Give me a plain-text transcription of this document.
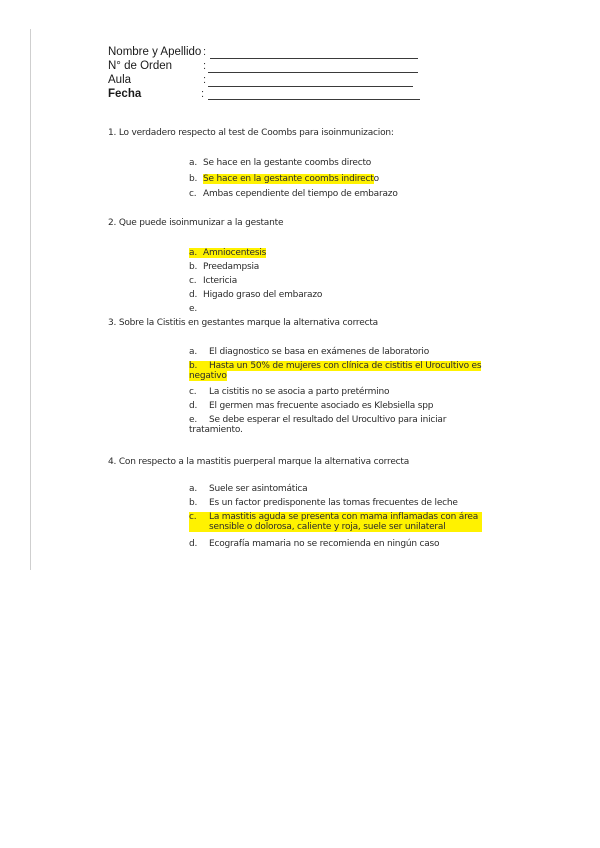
Nombre y Apellido :
N° de Orden	:
Aula	:
Fecha	:
1. Lo verdadero respecto al test de Coombs para isoinmunizacion:
a. Se hace en la gestante coombs directo
b. Se hace en la gestante coombs indirecto
c. Ambas cependiente del tiempo de embarazo
2. Que puede isoinmunizar a la gestante
a. Amniocentesis
b. Preedampsia
c. Ictericia
d. Higado graso del embarazo
e.
3. Sobre la Cistitis en gestantes marque la alternativa correcta
a. El diagnostico se basa en exámenes de laboratorio
b. Hasta un 50% de mujeres con clínica de cistitis el Urocultivo es
negativo
c. La cistitis no se asocia a parto pretérmino
d. El germen mas frecuente asociado es Klebsiella spp
e. Se debe esperar el resultado del Urocultivo para iniciar
tratamiento.
4. Con respecto a la mastitis puerperal marque la alternativa correcta
a. Suele ser asintomática
b. Es un factor predisponente las tomas frecuentes de leche
c. La mastitis aguda se presenta con mama inflamadas con área
sensible o dolorosa, caliente y roja, suele ser unilateral
d. Ecografía mamaria no se recomienda en ningún caso
